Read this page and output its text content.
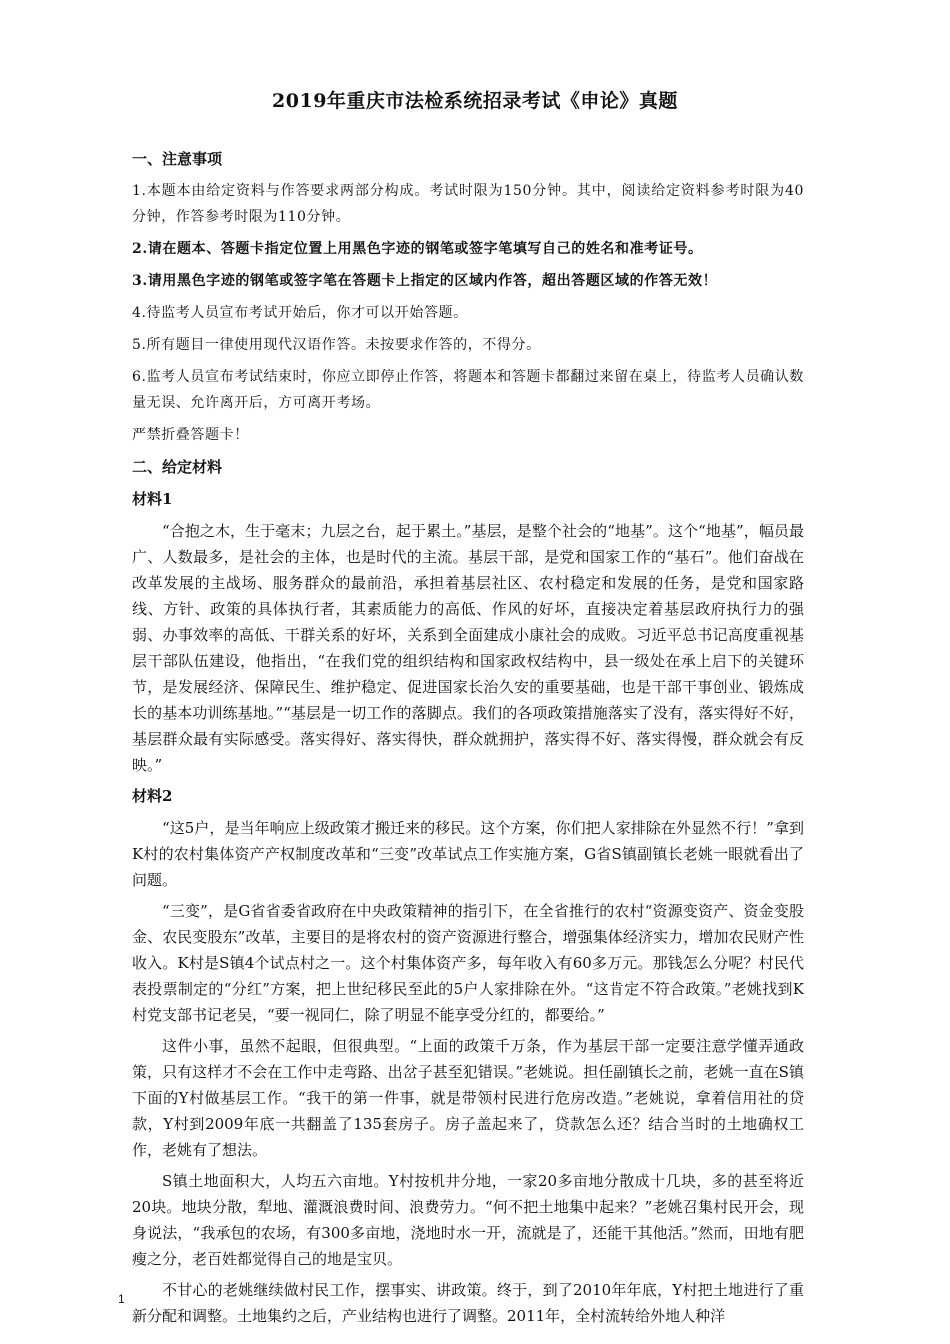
2019年重庆市法检系统招录考试《申论》真题
一、注意事项
1.本题本由给定资料与作答要求两部分构成。考试时限为150分钟。其中，阅读给定资料参考时限为40分钟，作答参考时限为110分钟。
2.请在题本、答题卡指定位置上用黑色字迹的钢笔或签字笔填写自己的姓名和准考证号。
3.请用黑色字迹的钢笔或签字笔在答题卡上指定的区域内作答，超出答题区域的作答无效！
4.待监考人员宣布考试开始后，你才可以开始答题。
5.所有题目一律使用现代汉语作答。未按要求作答的，不得分。
6.监考人员宣布考试结束时，你应立即停止作答，将题本和答题卡都翻过来留在桌上，待监考人员确认数量无误、允许离开后，方可离开考场。
严禁折叠答题卡！
二、给定材料
材料1

“合抱之木，生于毫末；九层之台，起于累土。”基层，是整个社会的“地基”。这个“地基”，幅员最广、人数最多，是社会的主体，也是时代的主流。基层干部，是党和国家工作的“基石”。他们奋战在改革发展的主战场、服务群众的最前沿，承担着基层社区、农村稳定和发展的任务，是党和国家路线、方针、政策的具体执行者，其素质能力的高低、作风的好坏，直接决定着基层政府执行力的强弱、办事效率的高低、干群关系的好坏，关系到全面建成小康社会的成败。习近平总书记高度重视基层干部队伍建设，他指出，“在我们党的组织结构和国家政权结构中，县一级处在承上启下的关键环节，是发展经济、保障民生、维护稳定、促进国家长治久安的重要基础，也是干部干事创业、锻炼成长的基本功训练基地。”“基层是一切工作的落脚点。我们的各项政策措施落实了没有，落实得好不好，基层群众最有实际感受。落实得好、落实得快，群众就拥护，落实得不好、落实得慢，群众就会有反映。”

材料2

“这5户，是当年响应上级政策才搬迁来的移民。这个方案，你们把人家排除在外显然不行！”拿到K村的农村集体资产产权制度改革和“三变”改革试点工作实施方案，G省S镇副镇长老姚一眼就看出了问题。

“三变”，是G省省委省政府在中央政策精神的指引下，在全省推行的农村“资源变资产、资金变股金、农民变股东”改革，主要目的是将农村的资产资源进行整合，增强集体经济实力，增加农民财产性收入。K村是S镇4个试点村之一。这个村集体资产多，每年收入有60多万元。那钱怎么分呢？村民代表投票制定的“分红”方案，把上世纪移民至此的5户人家排除在外。“这肯定不符合政策。”老姚找到K村党支部书记老吴，“要一视同仁，除了明显不能享受分红的，都要给。”

这件小事，虽然不起眼，但很典型。“上面的政策千万条，作为基层干部一定要注意学懂弄通政策，只有这样才不会在工作中走弯路、出岔子甚至犯错误。”老姚说。担任副镇长之前，老姚一直在S镇下面的Y村做基层工作。“我干的第一件事，就是带领村民进行危房改造。”老姚说，拿着信用社的贷款，Y村到2009年底一共翻盖了135套房子。房子盖起来了，贷款怎么还？结合当时的土地确权工作，老姚有了想法。

S镇土地面积大，人均五六亩地。Y村按机井分地，一家20多亩地分散成十几块，多的甚至将近20块。地块分散，犁地、灌溉浪费时间、浪费劳力。“何不把土地集中起来？”老姚召集村民开会，现身说法，“我承包的农场，有300多亩地，浇地时水一开，流就是了，还能干其他活。”然而，田地有肥瘦之分，老百姓都觉得自己的地是宝贝。

不甘心的老姚继续做村民工作，摆事实、讲政策。终于，到了2010年年底，Y村把土地进行了重新分配和调整。土地集约之后，产业结构也进行了调整。2011年，全村流转给外地人种洋

1
